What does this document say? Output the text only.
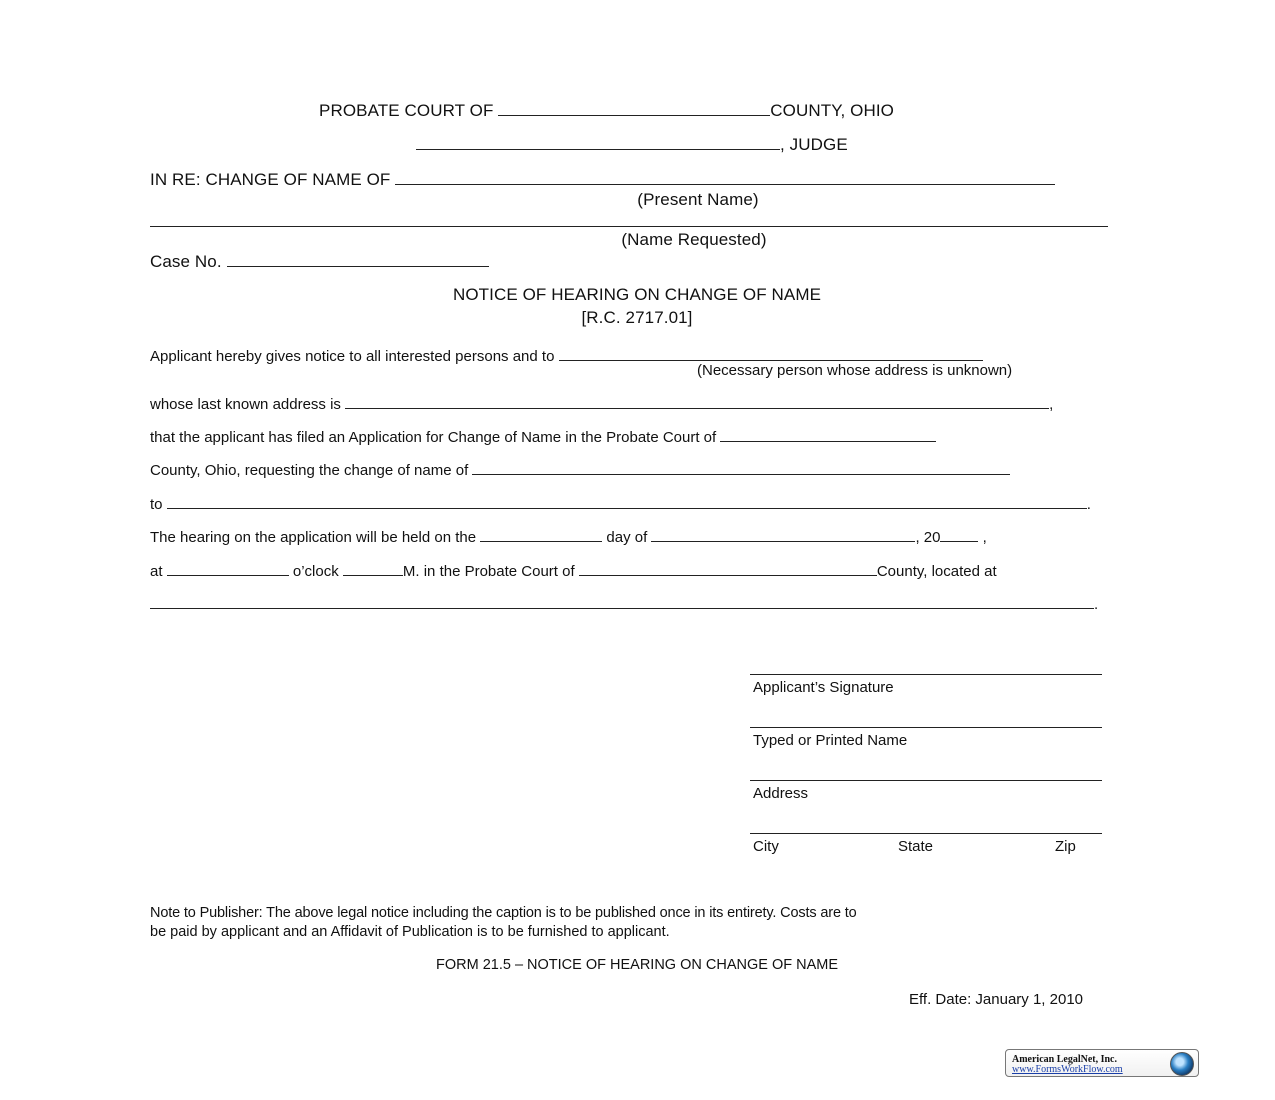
PROBATE COURT OF	COUNTY, OHIO
, JUDGE
IN RE: CHANGE OF NAME OF
(Present Name)
(Name Requested)
Case No.
NOTICE OF HEARING ON CHANGE OF NAME
[R.C. 2717.01]
Applicant hereby gives notice to all interested persons and to
(Necessary person whose address is unknown)
whose last known address is	,
that the applicant has filed an Application for Change of Name in the Probate Court of
County, Ohio, requesting the change of name of
to	.
The hearing on the application will be held on the	day of	, 20	,
at	o’clock	M. in the Probate Court of	County, located at
.
Applicant’s Signature
Typed or Printed Name
Address
City	State	Zip
Note to Publisher: The above legal notice including the caption is to be published once in its entirety. Costs are to
be paid by applicant and an Affidavit of Publication is to be furnished to applicant.
FORM 21.5 – NOTICE OF HEARING ON CHANGE OF NAME
Eff. Date: January 1, 2010
American LegalNet, Inc.
www.FormsWorkFlow.com
